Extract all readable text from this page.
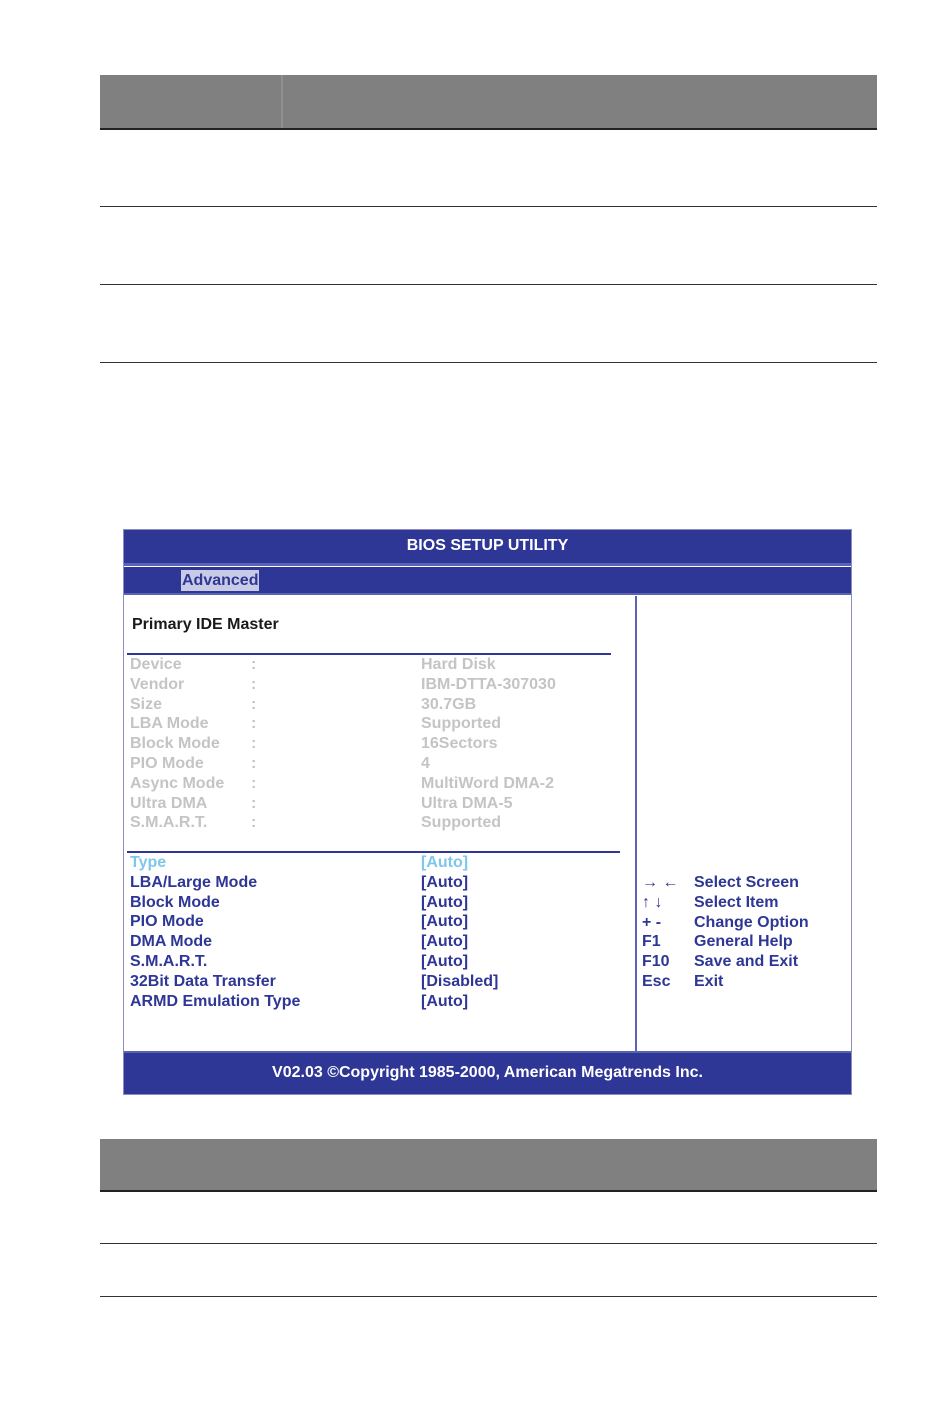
BIOS SETUP UTILITY
Advanced
Primary IDE Master
Device	:	Hard Disk
Vendor	:	IBM-DTTA-307030
Size	:	30.7GB
LBA Mode	:	Supported
Block Mode :	16Sectors
PIO Mode	:	4
Async Mode :	MultiWord DMA-2
Ultra DMA	:	Ultra DMA-5
S.M.A.R.T.	:	Supported
Type	[Auto]
LBA/Large Mode	[Auto]
Block Mode	[Auto]
PIO Mode	[Auto]
DMA Mode	[Auto]
S.M.A.R.T.	[Auto]
32Bit Data Transfer	[Disabled]
ARMD Emulation Type	[Auto]
→ ← Select Screen
↑ ↓ Select Item
+ - Change Option
F1 General Help
F10 Save and Exit
Esc Exit
V02.03 ©Copyright 1985-2000, American Megatrends Inc.
